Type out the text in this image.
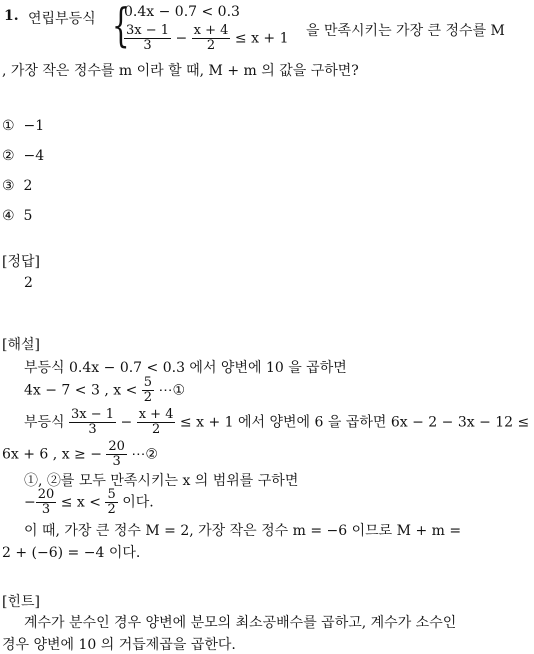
1. 연립부등식 {
0.4x − 0.7 < 0.3
$\frac{3x - 1}{3} - \frac{x + 4}{2} \le x + 1$ 을 만족시키는 가장 큰 정수를 M
, 가장 작은 정수를 m 이라 할 때, M + m 의 값을 구하면?
① −1
② −4
③ 2
④ 5
[정답]
2
[해설]
부등식 0.4x − 0.7 < 0.3 에서 양변에 10 을 곱하면
4x − 7 < 3 , $x < \frac{5}{2}$ ⋯①
부등식 $\frac{3x - 1}{3} - \frac{x + 4}{2} \le x + 1$ 에서 양변에 6 을 곱하면 6x − 2 − 3x − 12 ≤
6x + 6 , x ≥ − $\frac{20}{3}$ ⋯②
①, ②를 모두 만족시키는 x 의 범위를 구하면
− $\frac{20}{3} \le x < \frac{5}{2}$ 이다.
이 때, 가장 큰 정수 M = 2, 가장 작은 정수 m = −6 이므로 M + m =
2 + (−6) = −4 이다.
[힌트]
계수가 분수인 경우 양변에 분모의 최소공배수를 곱하고, 계수가 소수인
경우 양변에 10 의 거듭제곱을 곱한다.
